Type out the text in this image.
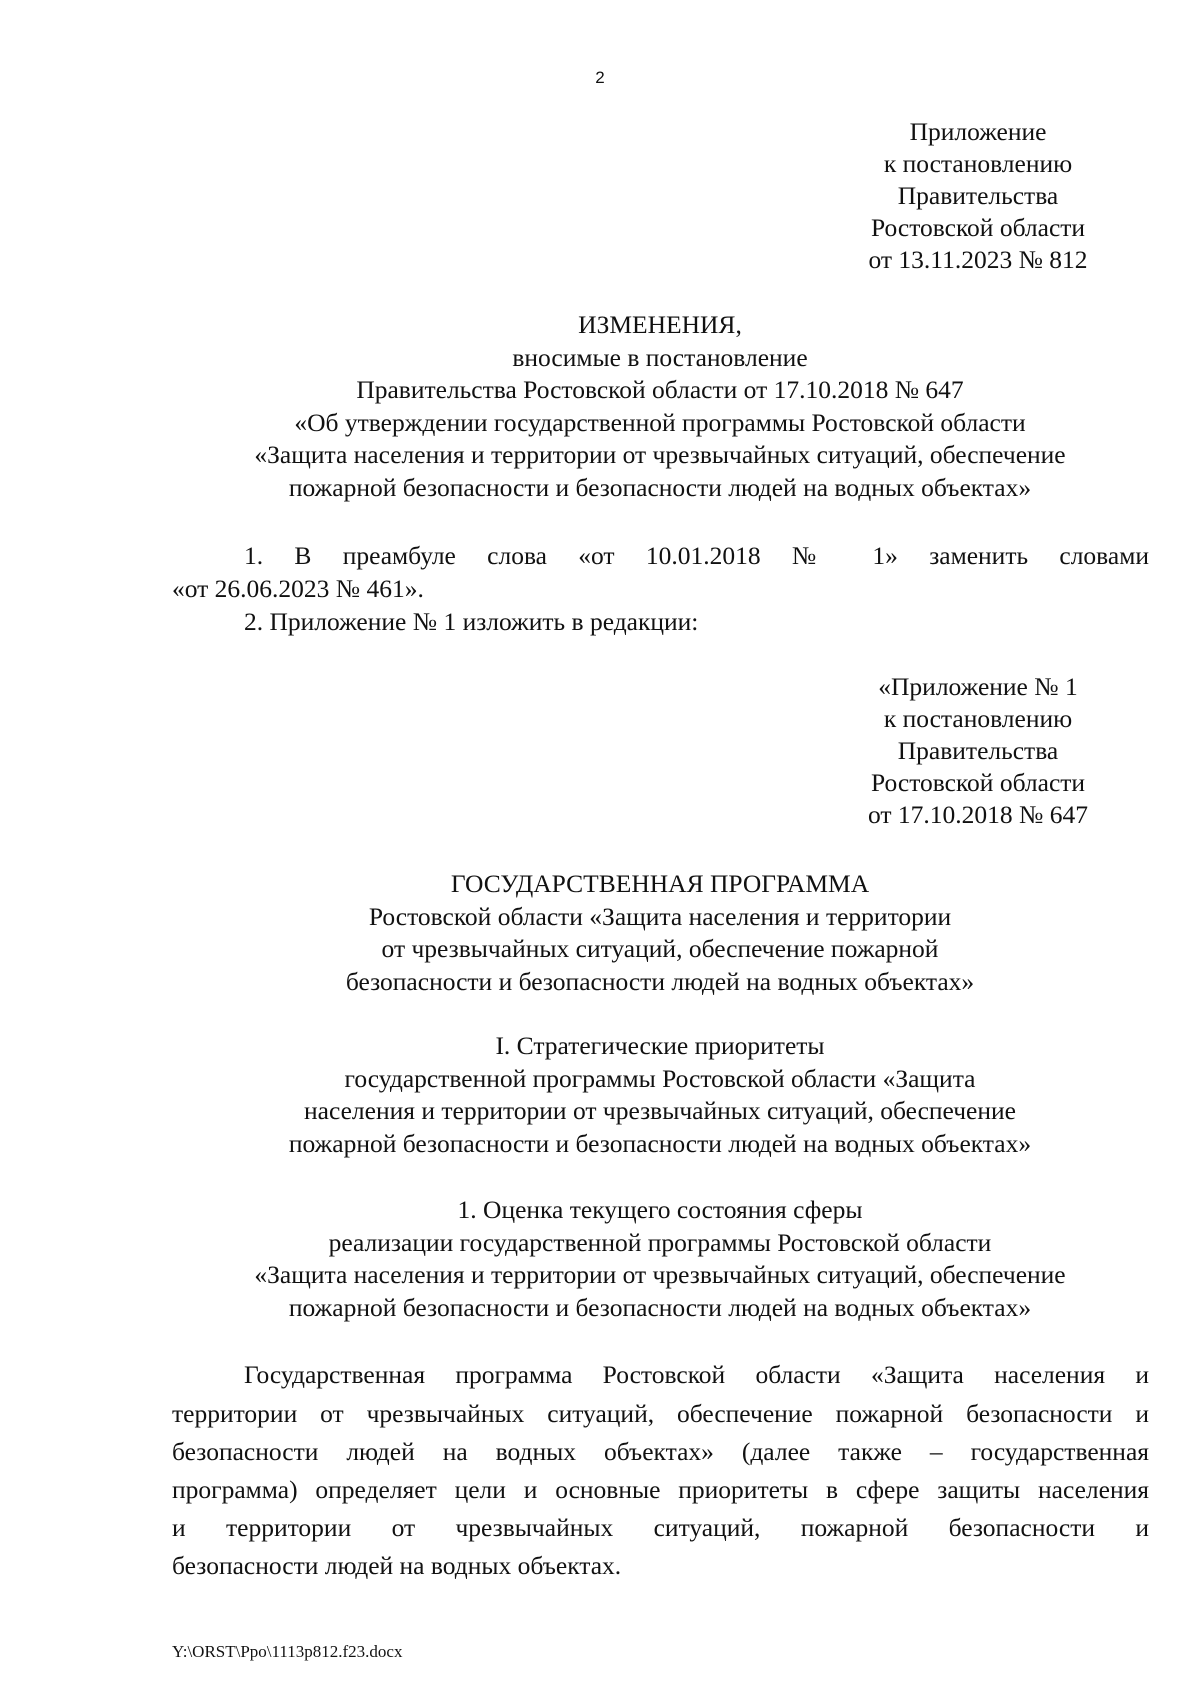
2
Приложение
к постановлению
Правительства
Ростовской области
от 13.11.2023 № 812
ИЗМЕНЕНИЯ,
вносимые в постановление
Правительства Ростовской области от 17.10.2018 № 647
«Об утверждении государственной программы Ростовской области
«Защита населения и территории от чрезвычайных ситуаций, обеспечение
пожарной безопасности и безопасности людей на водных объектах»
1. В преамбуле слова «от 10.01.2018 № 1» заменить словами
«от 26.06.2023 № 461».
2. Приложение № 1 изложить в редакции:
«Приложение № 1
к постановлению
Правительства
Ростовской области
от 17.10.2018 № 647
ГОСУДАРСТВЕННАЯ ПРОГРАММА
Ростовской области «Защита населения и территории
от чрезвычайных ситуаций, обеспечение пожарной
безопасности и безопасности людей на водных объектах»
I. Стратегические приоритеты
государственной программы Ростовской области «Защита
населения и территории от чрезвычайных ситуаций, обеспечение
пожарной безопасности и безопасности людей на водных объектах»
1. Оценка текущего состояния сферы
реализации государственной программы Ростовской области
«Защита населения и территории от чрезвычайных ситуаций, обеспечение
пожарной безопасности и безопасности людей на водных объектах»
Государственная программа Ростовской области «Защита населения и
территории от чрезвычайных ситуаций, обеспечение пожарной безопасности и
безопасности людей на водных объектах» (далее также – государственная
программа) определяет цели и основные приоритеты в сфере защиты населения
и территории от чрезвычайных ситуаций, пожарной безопасности и
безопасности людей на водных объектах.
Y:\ORST\Ppo\1113p812.f23.docx
